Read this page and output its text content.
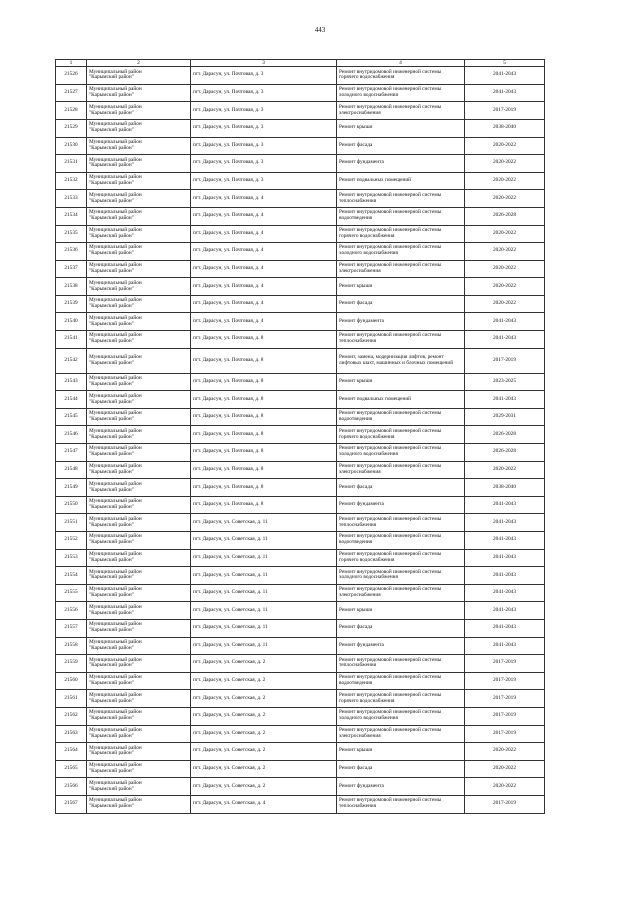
443
1	2	3	4	5
21526	Муниципальный район
"Карымский район"	пгт. Дарасун, ул. Почтовая, д. 3	Ремонт внутридомовой инженерной системы
горячего водоснабжения	2041-2043
21527	Муниципальный район
"Карымский район"	пгт. Дарасун, ул. Почтовая, д. 3	Ремонт внутридомовой инженерной системы
холодного водоснабжения	2041-2043
21528	Муниципальный район
"Карымский район"	пгт. Дарасун, ул. Почтовая, д. 3	Ремонт внутридомовой инженерной системы
электроснабжения	2017-2019
21529	Муниципальный район
"Карымский район"	пгт. Дарасун, ул. Почтовая, д. 3	Ремонт крыши	2038-2040
21530	Муниципальный район
"Карымский район"	пгт. Дарасун, ул. Почтовая, д. 3	Ремонт фасада	2020-2022
21531	Муниципальный район
"Карымский район"	пгт. Дарасун, ул. Почтовая, д. 3	Ремонт фундамента	2020-2022
21532	Муниципальный район
"Карымский район"	пгт. Дарасун, ул. Почтовая, д. 3	Ремонт подвальных помещений	2020-2022
21533	Муниципальный район
"Карымский район"	пгт. Дарасун, ул. Почтовая, д. 4	Ремонт внутридомовой инженерной системы
теплоснабжения	2020-2022
21534	Муниципальный район
"Карымский район"	пгт. Дарасун, ул. Почтовая, д. 4	Ремонт внутридомовой инженерной системы
водоотведения	2026-2028
21535	Муниципальный район
"Карымский район"	пгт. Дарасун, ул. Почтовая, д. 4	Ремонт внутридомовой инженерной системы
горячего водоснабжения	2020-2022
21536	Муниципальный район
"Карымский район"	пгт. Дарасун, ул. Почтовая, д. 4	Ремонт внутридомовой инженерной системы
холодного водоснабжения	2020-2022
21537	Муниципальный район
"Карымский район"	пгт. Дарасун, ул. Почтовая, д. 4	Ремонт внутридомовой инженерной системы
электроснабжения	2020-2022
21538	Муниципальный район
"Карымский район"	пгт. Дарасун, ул. Почтовая, д. 4	Ремонт крыши	2020-2022
21539	Муниципальный район
"Карымский район"	пгт. Дарасун, ул. Почтовая, д. 4	Ремонт фасада	2020-2022
21540	Муниципальный район
"Карымский район"	пгт. Дарасун, ул. Почтовая, д. 4	Ремонт фундамента	2041-2043
21541	Муниципальный район
"Карымский район"	пгт. Дарасун, ул. Почтовая, д. 8	Ремонт внутридомовой инженерной системы
теплоснабжения	2041-2043
21542	Муниципальный район
"Карымский район"	пгт. Дарасун, ул. Почтовая, д. 8	Ремонт, замена, модернизация лифтов, ремонт
лифтовых шахт, машинных и блочных помещений	2017-2019
21543	Муниципальный район
"Карымский район"	пгт. Дарасун, ул. Почтовая, д. 8	Ремонт крыши	2023-2025
21544	Муниципальный район
"Карымский район"	пгт. Дарасун, ул. Почтовая, д. 8	Ремонт подвальных помещений	2041-2043
21545	Муниципальный район
"Карымский район"	пгт. Дарасун, ул. Почтовая, д. 8	Ремонт внутридомовой инженерной системы
водоотведения	2029-2031
21546	Муниципальный район
"Карымский район"	пгт. Дарасун, ул. Почтовая, д. 8	Ремонт внутридомовой инженерной системы
горячего водоснабжения	2026-2028
21547	Муниципальный район
"Карымский район"	пгт. Дарасун, ул. Почтовая, д. 8	Ремонт внутридомовой инженерной системы
холодного водоснабжения	2026-2028
21548	Муниципальный район
"Карымский район"	пгт. Дарасун, ул. Почтовая, д. 8	Ремонт внутридомовой инженерной системы
электроснабжения	2020-2022
21549	Муниципальный район
"Карымский район"	пгт. Дарасун, ул. Почтовая, д. 8	Ремонт фасада	2038-2040
21550	Муниципальный район
"Карымский район"	пгт. Дарасун, ул. Почтовая, д. 8	Ремонт фундамента	2041-2043
21551	Муниципальный район
"Карымский район"	пгт. Дарасун, ул. Советская, д. 11	Ремонт внутридомовой инженерной системы
теплоснабжения	2041-2043
21552	Муниципальный район
"Карымский район"	пгт. Дарасун, ул. Советская, д. 11	Ремонт внутридомовой инженерной системы
водоотведения	2041-2043
21553	Муниципальный район
"Карымский район"	пгт. Дарасун, ул. Советская, д. 11	Ремонт внутридомовой инженерной системы
горячего водоснабжения	2041-2043
21554	Муниципальный район
"Карымский район"	пгт. Дарасун, ул. Советская, д. 11	Ремонт внутридомовой инженерной системы
холодного водоснабжения	2041-2043
21555	Муниципальный район
"Карымский район"	пгт. Дарасун, ул. Советская, д. 11	Ремонт внутридомовой инженерной системы
электроснабжения	2041-2043
21556	Муниципальный район
"Карымский район"	пгт. Дарасун, ул. Советская, д. 11	Ремонт крыши	2041-2043
21557	Муниципальный район
"Карымский район"	пгт. Дарасун, ул. Советская, д. 11	Ремонт фасада	2041-2043
21558	Муниципальный район
"Карымский район"	пгт. Дарасун, ул. Советская, д. 11	Ремонт фундамента	2041-2043
21559	Муниципальный район
"Карымский район"	пгт. Дарасун, ул. Советская, д. 2	Ремонт внутридомовой инженерной системы
теплоснабжения	2017-2019
21560	Муниципальный район
"Карымский район"	пгт. Дарасун, ул. Советская, д. 2	Ремонт внутридомовой инженерной системы
водоотведения	2017-2019
21561	Муниципальный район
"Карымский район"	пгт. Дарасун, ул. Советская, д. 2	Ремонт внутридомовой инженерной системы
горячего водоснабжения	2017-2019
21562	Муниципальный район
"Карымский район"	пгт. Дарасун, ул. Советская, д. 2	Ремонт внутридомовой инженерной системы
холодного водоснабжения	2017-2019
21563	Муниципальный район
"Карымский район"	пгт. Дарасун, ул. Советская, д. 2	Ремонт внутридомовой инженерной системы
электроснабжения	2017-2019
21564	Муниципальный район
"Карымский район"	пгт. Дарасун, ул. Советская, д. 2	Ремонт крыши	2020-2022
21565	Муниципальный район
"Карымский район"	пгт. Дарасун, ул. Советская, д. 2	Ремонт фасада	2020-2022
21566	Муниципальный район
"Карымский район"	пгт. Дарасун, ул. Советская, д. 2	Ремонт фундамента	2020-2022
21567	Муниципальный район
"Карымский район"	пгт. Дарасун, ул. Советская, д. 4	Ремонт внутридомовой инженерной системы
теплоснабжения	2017-2019
